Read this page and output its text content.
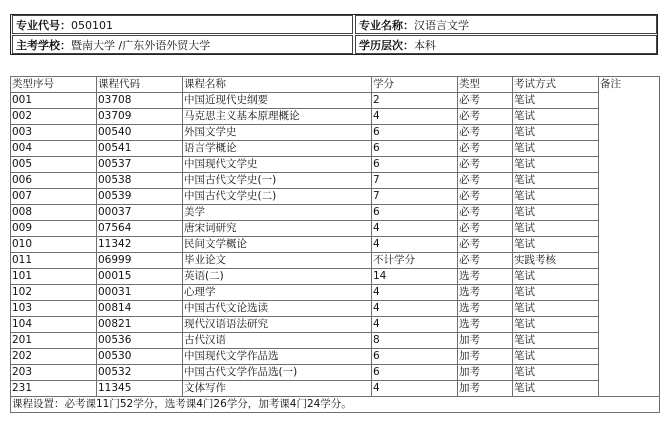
专业代号：050101	专业名称：汉语言文学
主考学校：暨南大学 /广东外语外贸大学	学历层次：本科
类型序号	课程代码	课程名称	学分	类型	考试方式	备注
001	03708	中国近现代史纲要	2	必考	笔试	
002	03709	马克思主义基本原理概论	4	必考	笔试	
003	00540	外国文学史	6	必考	笔试	
004	00541	语言学概论	6	必考	笔试	
005	00537	中国现代文学史	6	必考	笔试	
006	00538	中国古代文学史(一)	7	必考	笔试	
007	00539	中国古代文学史(二)	7	必考	笔试	
008	00037	美学	6	必考	笔试	
009	07564	唐宋词研究	4	必考	笔试	
010	11342	民间文学概论	4	必考	笔试	
011	06999	毕业论文	不计学分	必考	实践考核	
101	00015	英语(二)	14	选考	笔试	
102	00031	心理学	4	选考	笔试	
103	00814	中国古代文论选读	4	选考	笔试	
104	00821	现代汉语语法研究	4	选考	笔试	
201	00536	古代汉语	8	加考	笔试	
202	00530	中国现代文学作品选	6	加考	笔试	
203	00532	中国古代文学作品选(一)	6	加考	笔试	
231	11345	文体写作	4	加考	笔试	
课程设置：必考课11门52学分，选考课4门26学分，加考课4门24学分。						
